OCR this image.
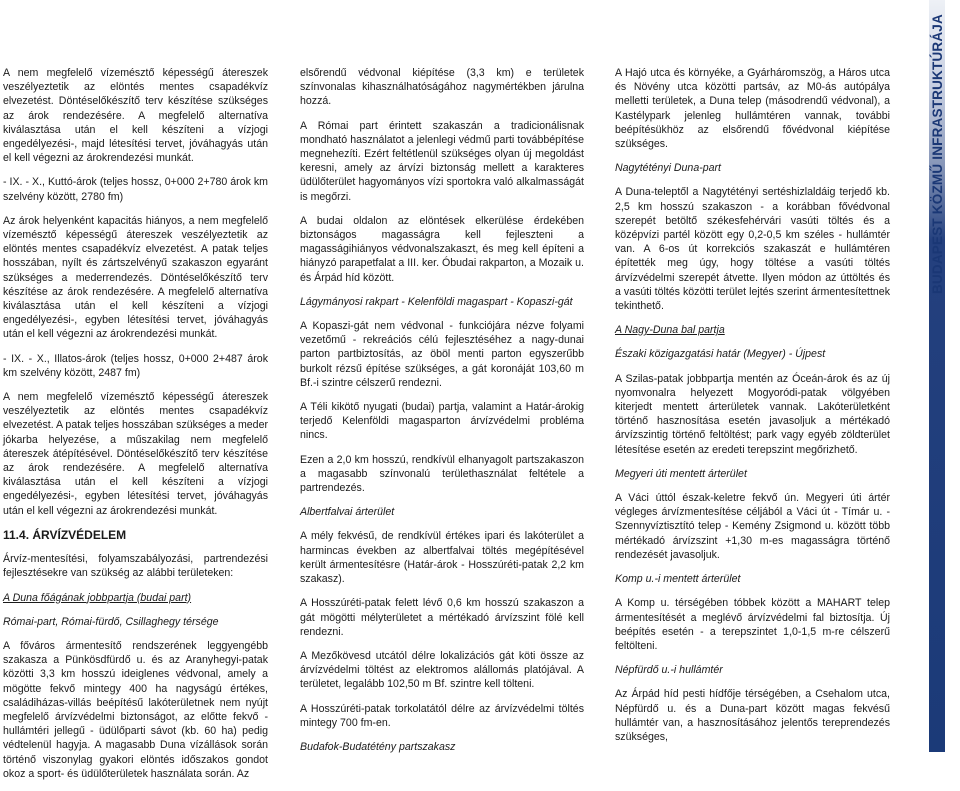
A nem megfelelő vízemésztő képességű átereszek veszélyeztetik az elöntés mentes csapadékvíz elvezetést. Döntéselőkészítő terv készítése szükséges az árok rendezésére. A megfelelő alternatíva kiválasztása után el kell készíteni a vízjogi engedélyezési-, majd létesítési tervet, jóváhagyás után el kell végezni az árokrendezési munkát.

- IX. - X., Kuttó-árok (teljes hossz, 0+000 2+780 árok km szelvény között, 2780 fm)

Az árok helyenként kapacitás hiányos, a nem megfelelő vízemésztő képességű átereszek veszélyeztetik az elöntés mentes csapadékvíz elvezetést. A patak teljes hosszában, nyílt és zártszelvényű szakaszon egyaránt szükséges a mederrendezés. Döntéselőkészítő terv készítése az árok rendezésére. A megfelelő alternatíva kiválasztása után el kell készíteni a vízjogi engedélyezési-, egyben létesítési tervet, jóváhagyás után el kell végezni az árokrendezési munkát.

- IX. - X., Illatos-árok (teljes hossz, 0+000 2+487 árok km szelvény között, 2487 fm)

A nem megfelelő vízemésztő képességű átereszek veszélyeztetik az elöntés mentes csapadékvíz elvezetést. A patak teljes hosszában szükséges a meder jókarba helyezése, a műszakilag nem megfelelő átereszek átépítésével. Döntéselőkészítő terv készítése az árok rendezésére. A megfelelő alternatíva kiválasztása után el kell készíteni a vízjogi engedélyezési-, egyben létesítési tervet, jóváhagyás után el kell végezni az árokrendezési munkát.

11.4. ÁRVÍZVÉDELEM

Árvíz-mentesítési, folyamszabályozási, partrendezési fejlesztésekre van szükség az alábbi területeken:

A Duna főágának jobbpartja (budai part)

Római-part, Római-fürdő, Csillaghegy térsége

A főváros ármentesítő rendszerének leggyengébb szakasza a Pünkösdfürdő u. és az Aranyhegyi-patak közötti 3,3 km hosszú ideiglenes védvonal, amely a mögötte fekvő mintegy 400 ha nagyságú értékes, családiházas-villás beépítésű lakóterületnek nem nyújt megfelelő árvízvédelmi biztonságot, az előtte fekvő - hullámtéri jellegű - üdülőparti sávot (kb. 60 ha) pedig védtelenül hagyja. A magasabb Duna vízállások során történő viszonylag gyakori elöntés időszakos gondot okoz a sport- és üdülőterületek használata során. Az

elsőrendű védvonal kiépítése (3,3 km) e területek színvonalas kihasználhatóságához nagymértékben járulna hozzá.

A Római part érintett szakaszán a tradicionálisnak mondható használatot a jelenlegi védmű parti továbbépítése megnehezíti. Ezért feltétlenül szükséges olyan új megoldást keresni, amely az árvízi biztonság mellett a karakteres üdülőterület hagyományos vízi sportokra való alkalmasságát is megőrzi.

A budai oldalon az elöntések elkerülése érdekében biztonságos magasságra kell fejleszteni a magasságihiányos védvonalszakaszt, és meg kell építeni a hiányzó parapetfalat a III. ker. Óbudai rakparton, a Mozaik u. és Árpád híd között.

Lágymányosi rakpart - Kelenföldi magaspart - Kopaszi-gát

A Kopaszi-gát nem védvonal - funkciójára nézve folyami vezetőmű - rekreációs célú fejlesztéséhez a nagy-dunai parton partbiztosítás, az öböl menti parton egyszerűbb burkolt rézsű építése szükséges, a gát koronáját 103,60 m Bf.-i szintre célszerű rendezni.

A Téli kikötő nyugati (budai) partja, valamint a Határ-árokig terjedő Kelenföldi magasparton árvízvédelmi probléma nincs.

Ezen a 2,0 km hosszú, rendkívül elhanyagolt partszakaszon a magasabb színvonalú területhasználat feltétele a partrendezés.

Albertfalvai árterület

A mély fekvésű, de rendkívül értékes ipari és lakóterület a harmincas években az albertfalvai töltés megépítésével került ármentesítésre (Határ-árok - Hosszúréti-patak 2,2 km szakasz).

A Hosszúréti-patak felett lévő 0,6 km hosszú szakaszon a gát mögötti mélyterületet a mértékadó árvízszint fölé kell rendezni.

A Mezőkövesd utcától délre lokalizációs gát köti össze az árvízvédelmi töltést az elektromos alállomás platójával. A területet, legalább 102,50 m Bf. szintre kell tölteni.

A Hosszúréti-patak torkolatától délre az árvízvédelmi töltés mintegy 700 fm-en.

Budafok-Budatétény partszakasz

A Hajó utca és környéke, a Gyárháromszög, a Háros utca és Növény utca közötti partsáv, az M0-ás autópálya melletti területek, a Duna telep (másodrendű védvonal), a Kastélypark jelenleg hullámtéren vannak, további beépítésükhöz az elsőrendű fővédvonal kiépítése szükséges.

Nagytétényi Duna-part

A Duna-teleptől a Nagytétényi sertéshizlaldáig terjedő kb. 2,5 km hosszú szakaszon - a korábban fővédvonal szerepét betöltő székesfehérvári vasúti töltés és a középvízi partél között egy 0,2-0,5 km széles - hullámtér van. A 6-os út korrekciós szakaszát e hullámtéren építették meg úgy, hogy töltése a vasúti töltés árvízvédelmi szerepét átvette. Ilyen módon az úttöltés és a vasúti töltés közötti terület lejtés szerint ármentesítettnek tekinthető.

A Nagy-Duna bal partja

Északi közigazgatási határ (Megyer) - Újpest

A Szilas-patak jobbpartja mentén az Óceán-árok és az új nyomvonalra helyezett Mogyoródi-patak völgyében kiterjedt mentett árterületek vannak. Lakóterületként történő hasznosítása esetén javasoljuk a mértékadó árvízszintig történő feltöltést; park vagy egyéb zöldterület létesítése esetén az eredeti terepszint megőrizhető.

Megyeri úti mentett árterület

A Váci úttól észak-keletre fekvő ún. Megyeri úti ártér végleges árvízmentesítése céljából a Váci út - Tímár u. - Szennyvíztisztító telep - Kemény Zsigmond u. között több mértékadó árvízszint +1,30 m-es magasságra történő rendezését javasoljuk.

Komp u.-i mentett árterület

A Komp u. térségében tóbbek között a MAHART telep ármentesítését a meglévő árvízvédelmi fal biztosítja. Új beépítés esetén - a terepszintet 1,0-1,5 m-re célszerű feltölteni.

Népfürdő u.-i hullámtér

Az Árpád híd pesti hídfője térségében, a Csehalom utca, Népfürdő u. és a Duna-part között magas fekvésű hullámtér van, a hasznosításához jelentős tereprendezés szükséges,

BUDAPEST KÖZMŰ INFRASTRUKTÚRÁJA
